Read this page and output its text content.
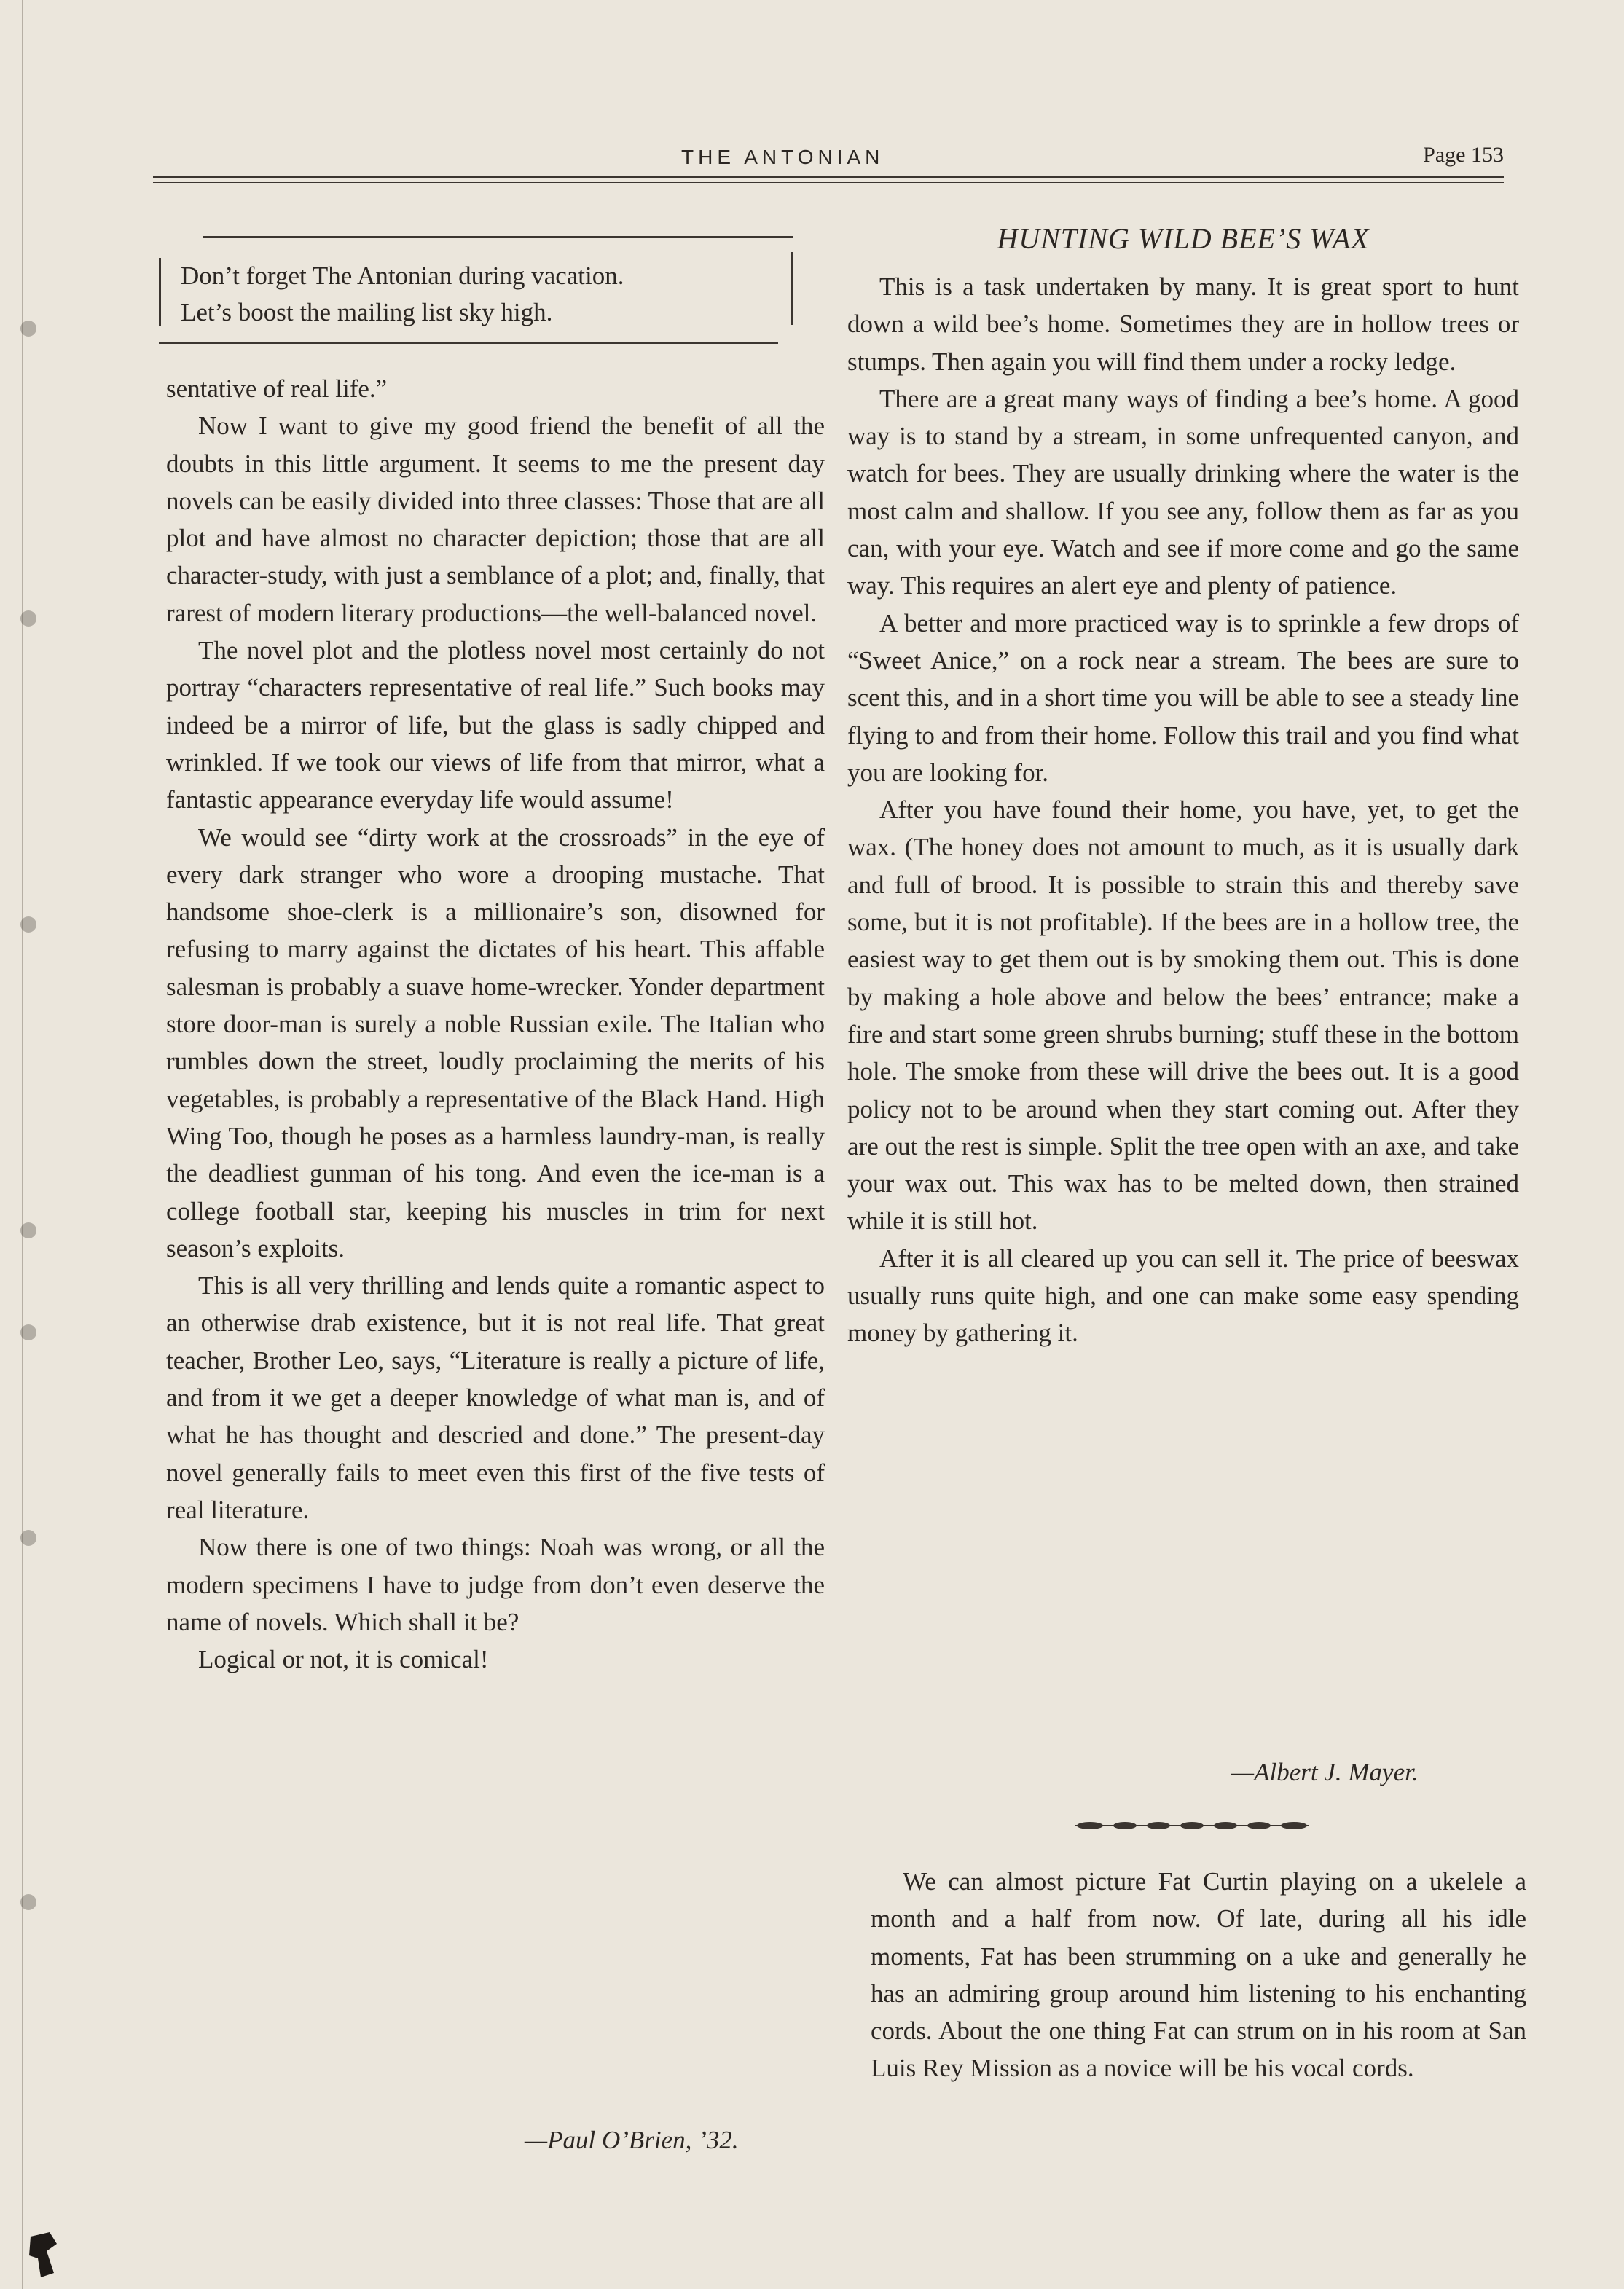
THE ANTONIAN	Page 153
Don’t forget The Antonian during vacation.
Let’s boost the mailing list sky high.

sentative of real life.”

Now I want to give my good friend the benefit of all the doubts in this little argument. It seems to me the present day novels can be easily divided into three classes: Those that are all plot and have almost no character depiction; those that are all character-study, with just a semblance of a plot; and, finally, that rarest of modern literary productions—the well-balanced novel.

The novel plot and the plotless novel most certainly do not portray “characters representative of real life.” Such books may indeed be a mirror of life, but the glass is sadly chipped and wrinkled. If we took our views of life from that mirror, what a fantastic appearance everyday life would assume!

We would see “dirty work at the crossroads” in the eye of every dark stranger who wore a drooping mustache. That handsome shoe-clerk is a millionaire’s son, disowned for refusing to marry against the dictates of his heart. This affable salesman is probably a suave home-wrecker. Yonder department store door-man is surely a noble Russian exile. The Italian who rumbles down the street, loudly proclaiming the merits of his vegetables, is probably a representative of the Black Hand. High Wing Too, though he poses as a harmless laundry-man, is really the deadliest gunman of his tong. And even the ice-man is a college football star, keeping his muscles in trim for next season’s exploits.

This is all very thrilling and lends quite a romantic aspect to an otherwise drab existence, but it is not real life. That great teacher, Brother Leo, says, “Literature is really a picture of life, and from it we get a deeper knowledge of what man is, and of what he has thought and descried and done.” The present-day novel generally fails to meet even this first of the five tests of real literature.

Now there is one of two things: Noah was wrong, or all the modern specimens I have to judge from don’t even deserve the name of novels. Which shall it be?

Logical or not, it is comical!

—Paul O’Brien, ’32.
HUNTING WILD BEE’S WAX

This is a task undertaken by many. It is great sport to hunt down a wild bee’s home. Sometimes they are in hollow trees or stumps. Then again you will find them under a rocky ledge.

There are a great many ways of finding a bee’s home. A good way is to stand by a stream, in some unfrequented canyon, and watch for bees. They are usually drinking where the water is the most calm and shallow. If you see any, follow them as far as you can, with your eye. Watch and see if more come and go the same way. This requires an alert eye and plenty of patience.

A better and more practiced way is to sprinkle a few drops of “Sweet Anice,” on a rock near a stream. The bees are sure to scent this, and in a short time you will be able to see a steady line flying to and from their home. Follow this trail and you find what you are looking for.

After you have found their home, you have, yet, to get the wax. (The honey does not amount to much, as it is usually dark and full of brood. It is possible to strain this and thereby save some, but it is not profitable). If the bees are in a hollow tree, the easiest way to get them out is by smoking them out. This is done by making a hole above and below the bees’ entrance; make a fire and start some green shrubs burning; stuff these in the bottom hole. The smoke from these will drive the bees out. It is a good policy not to be around when they start coming out. After they are out the rest is simple. Split the tree open with an axe, and take your wax out. This wax has to be melted down, then strained while it is still hot.

After it is all cleared up you can sell it. The price of beeswax usually runs quite high, and one can make some easy spending money by gathering it.

—Albert J. Mayer.

We can almost picture Fat Curtin playing on a ukelele a month and a half from now. Of late, during all his idle moments, Fat has been strumming on a uke and generally he has an admiring group around him listening to his enchanting cords. About the one thing Fat can strum on in his room at San Luis Rey Mission as a novice will be his vocal cords.
